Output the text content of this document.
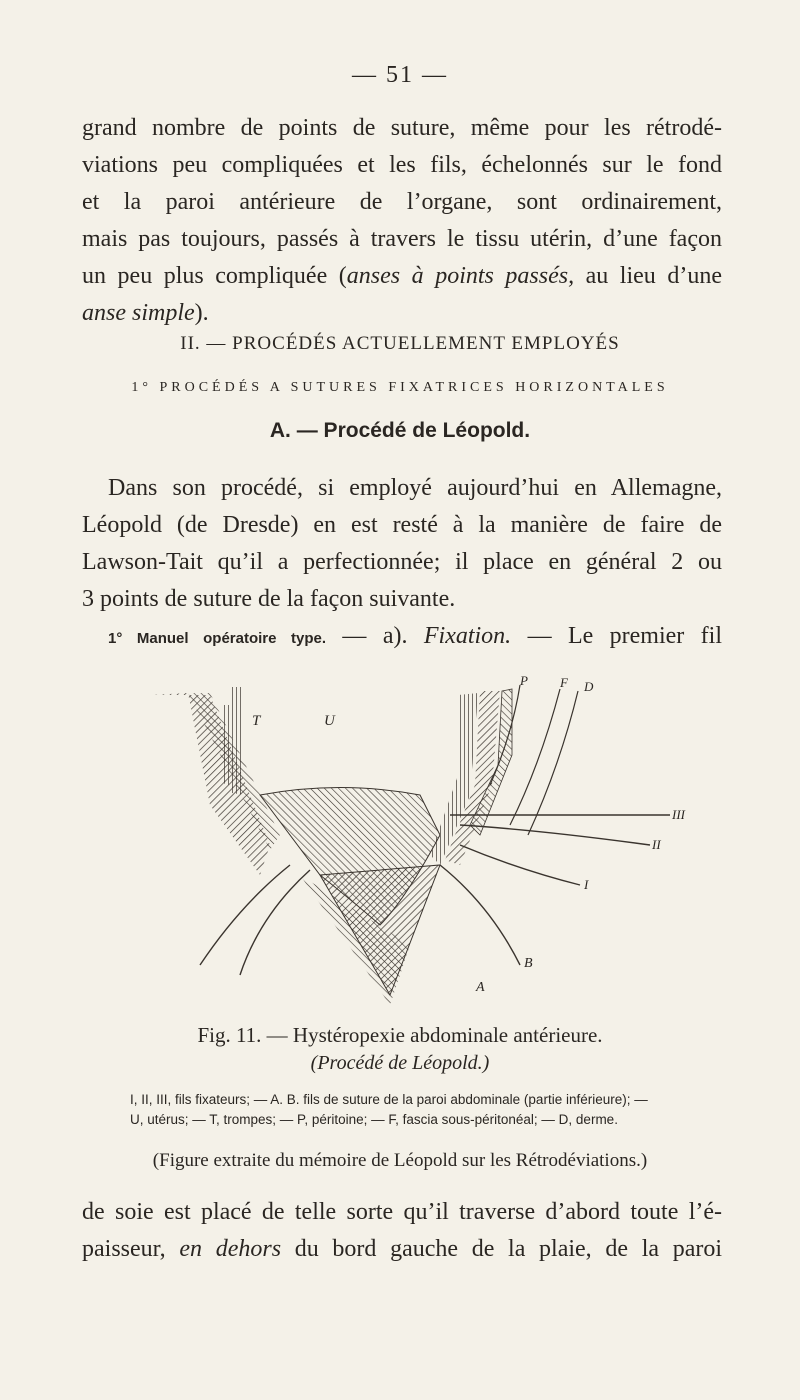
— 51 —
grand nombre de points de suture, même pour les rétrodé-
viations peu compliquées et les fils, échelonnés sur le fond
et la paroi antérieure de l’organe, sont ordinairement,
mais pas toujours, passés à travers le tissu utérin, d’une façon
un peu plus compliquée (anses à points passés, au lieu d’une
anse simple).
II. — PROCÉDÉS ACTUELLEMENT EMPLOYÉS
1° PROCÉDÉS A SUTURES FIXATRICES HORIZONTALES
A. — Procédé de Léopold.
Dans son procédé, si employé aujourd’hui en Allemagne,
Léopold (de Dresde) en est resté à la manière de faire de
Lawson-Tait qu’il a perfectionnée; il place en général 2 ou
3 points de suture de la façon suivante.
1° Manuel opératoire type. — a). Fixation. — Le premier fil
T	U
P F D
III
II
I
B
A
Fig. 11. — Hystéropexie abdominale antérieure.
(Procédé de Léopold.)
I, II, III, fils fixateurs; — A. B. fils de suture de la paroi abdominale (partie inférieure); —
U, utérus; — T, trompes; — P, péritoine; — F, fascia sous-péritonéal; — D, derme.
(Figure extraite du mémoire de Léopold sur les Rétrodéviations.)
de soie est placé de telle sorte qu’il traverse d’abord toute l’é-
paisseur, en dehors du bord gauche de la plaie, de la paroi
